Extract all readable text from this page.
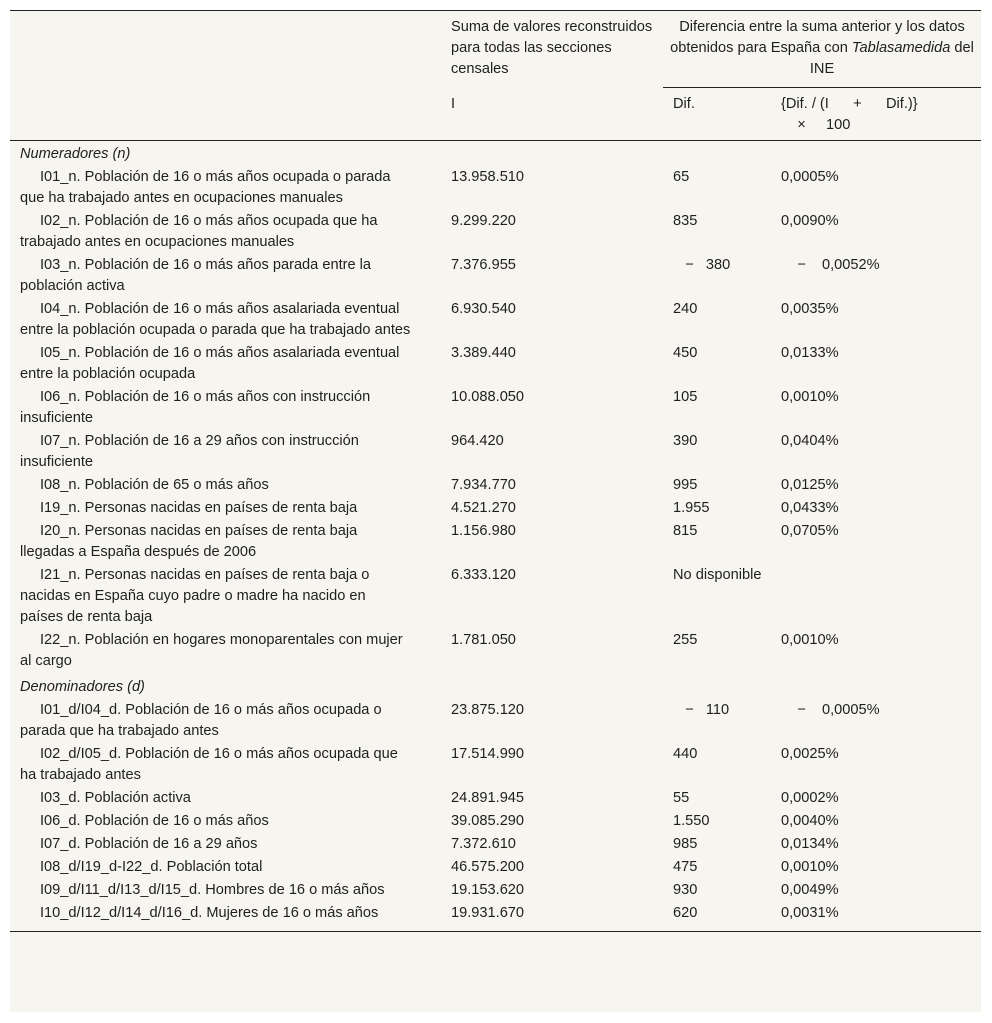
	Suma de valores reconstruidos para todas las secciones censales	Diferencia entre la suma anterior y los datos obtenidos para España con Tablasamedida del INE	
	I	Dif.	{Dif. / (I      +      Dif.)}
×     100

Numeradores (n)			
I01_n. Población de 16 o más años ocupada o parada que ha trabajado antes en ocupaciones manuales	13.958.510	65	0,0005%
I02_n. Población de 16 o más años ocupada que ha trabajado antes en ocupaciones manuales	9.299.220	835	0,0090%
I03_n. Población de 16 o más años parada entre la población activa	7.376.955	−   380	−    0,0052%
I04_n. Población de 16 o más años asalariada eventual entre la población ocupada o parada que ha trabajado antes	6.930.540	240	0,0035%
I05_n. Población de 16 o más años asalariada eventual entre la población ocupada	3.389.440	450	0,0133%
I06_n. Población de 16 o más años con instrucción insuficiente	10.088.050	105	0,0010%
I07_n. Población de 16 a 29 años con instrucción insuficiente	964.420	390	0,0404%
I08_n. Población de 65 o más años	7.934.770	995	0,0125%
I19_n. Personas nacidas en países de renta baja	4.521.270	1.955	0,0433%
I20_n. Personas nacidas en países de renta baja llegadas a España después de 2006	1.156.980	815	0,0705%
I21_n. Personas nacidas en países de renta baja o nacidas en España cuyo padre o madre ha nacido en países de renta baja	6.333.120	No disponible	
I22_n. Población en hogares monoparentales con mujer al cargo	1.781.050	255	0,0010%
Denominadores (d)			
I01_d/I04_d. Población de 16 o más años ocupada o parada que ha trabajado antes	23.875.120	−   110	−    0,0005%
I02_d/I05_d. Población de 16 o más años ocupada que ha trabajado antes	17.514.990	440	0,0025%
I03_d. Población activa	24.891.945	55	0,0002%
I06_d. Población de 16 o más años	39.085.290	1.550	0,0040%
I07_d. Población de 16 a 29 años	7.372.610	985	0,0134%
I08_d/I19_d-I22_d. Población total	46.575.200	475	0,0010%
I09_d/I11_d/I13_d/I15_d. Hombres de 16 o más años	19.153.620	930	0,0049%
I10_d/I12_d/I14_d/I16_d. Mujeres de 16 o más años	19.931.670	620	0,0031%
